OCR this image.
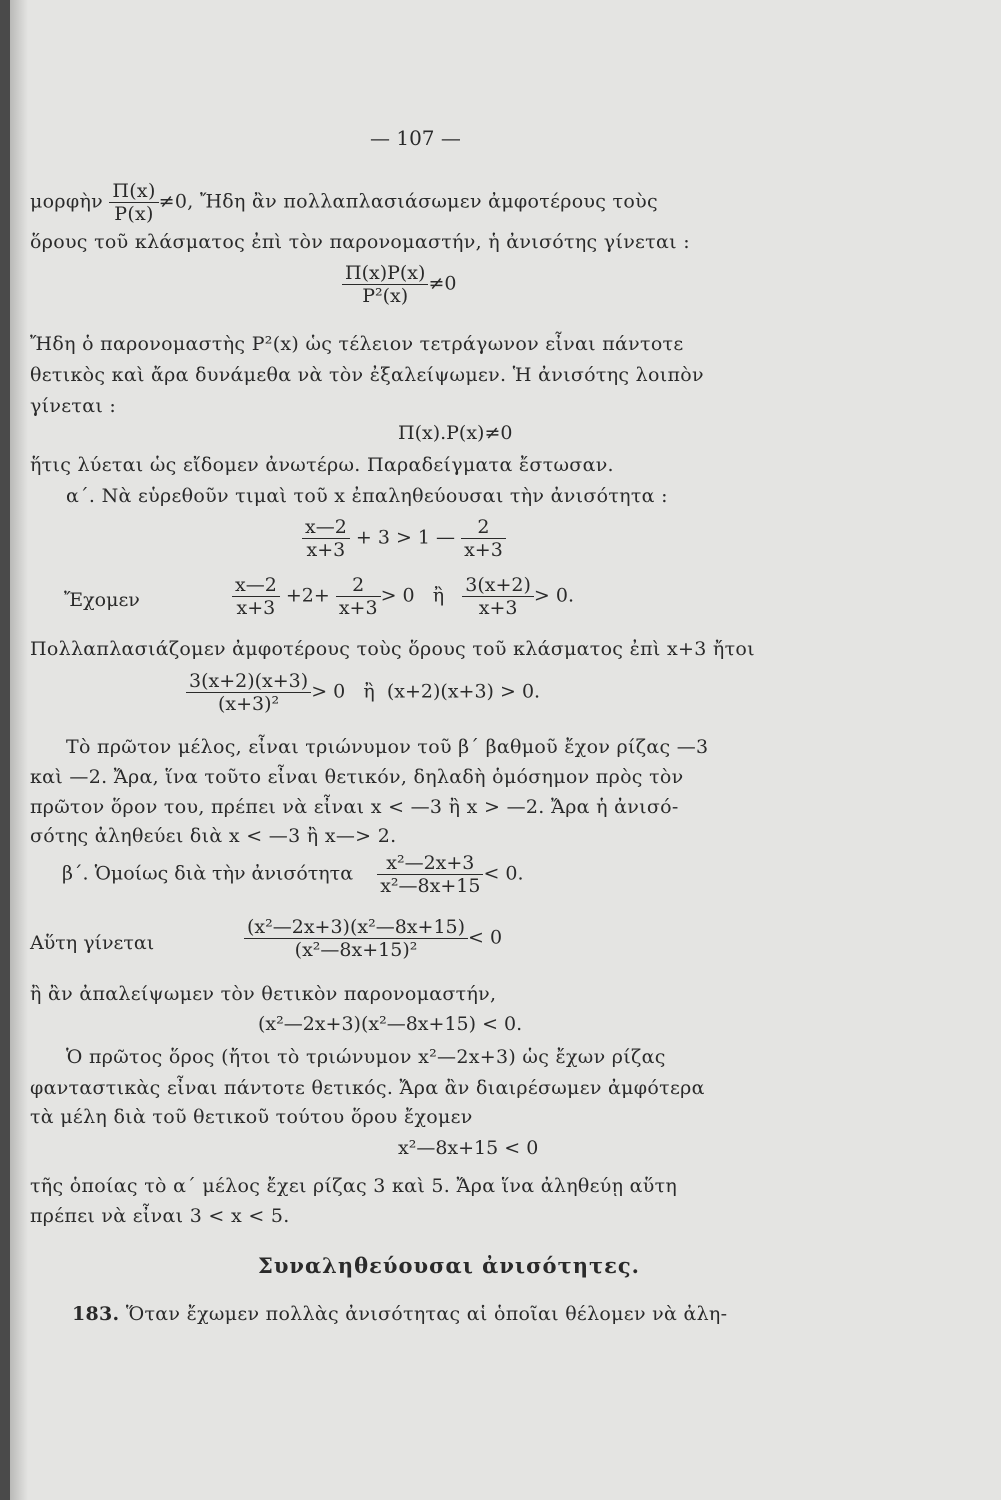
— 107 —
μορφὴν $\frac{\Pi(x)}{P(x)} \ne 0$, Ἤδη ἂν πολλαπλασιάσωμεν ἀμφοτέρους τοὺς
ὅρους τοῦ κλάσματος ἐπὶ τὸν παρονομαστήν, ἡ ἀνισότης γίνεται :
$\frac{\Pi(x)P(x)}{\text{P²(x)}} \ne 0$
Ἤδη ὁ παρονομαστὴς P²(x) ὡς τέλειον τετράγωνον εἶναι πάντοτε
θετικὸς καὶ ἄρα δυνάμεθα νὰ τὸν ἐξαλείψωμεν. Ἡ ἀνισότης λοιπὸν
γίνεται :
Π(x).P(x)≠0
ἥτις λύεται ὡς εἴδομεν ἀνωτέρω. Παραδείγματα ἔστωσαν.
α΄. Νὰ εὑρεθοῦν τιμαὶ τοῦ x ἐπαληθεύουσαι τὴν ἀνισότητα :
$\frac{x—2}{x+3} + 3 > 1$ — $\frac{2}{x+3}$
Ἔχομεν	$\frac{x—2}{x+3} +2+ \frac{2}{x+3} > 0$ ἢ $\frac{3(x+2)}{x+3} > 0$.
Πολλαπλασιάζομεν ἀμφοτέρους τοὺς ὅρους τοῦ κλάσματος ἐπὶ x+3 ἤτοι
$\frac{3(x+2)(x+3)}{\text{(x+3)²}} > 0$ ἢ (x+2)(x+3) > 0.
Τὸ πρῶτον μέλος, εἶναι τριώνυμον τοῦ β΄ βαθμοῦ ἔχον ρίζας —3
καὶ —2. Ἄρα, ἵνα τοῦτο εἶναι θετικόν, δηλαδὴ ὁμόσημον πρὸς τὸν
πρῶτον ὅρον του, πρέπει νὰ εἶναι x < —3 ἢ x > —2. Ἄρα ἡ ἀνισό-
σότης ἀληθεύει διὰ x < —3 ἢ x—> 2.
β΄. Ὁμοίως διὰ τὴν ἀνισότητα $\frac{\text{x²—2x+3}}{\text{x²—8x+15}} < 0$.
Αὕτη γίνεται	$\frac{\text{(x²—2x+3)(x²—8x+15)}}{\text{(x²—8x+15)²}} < 0$
ἢ ἂν ἀπαλείψωμεν τὸν θετικὸν παρονομαστήν,
(x²—2x+3)(x²—8x+15) < 0.
Ὁ πρῶτος ὅρος (ἤτοι τὸ τριώνυμον x²—2x+3) ὡς ἔχων ρίζας
φανταστικὰς εἶναι πάντοτε θετικός. Ἄρα ἂν διαιρέσωμεν ἀμφότερα
τὰ μέλη διὰ τοῦ θετικοῦ τούτου ὅρου ἔχομεν
x²—8x+15 < 0
τῆς ὁποίας τὸ α΄ μέλος ἔχει ρίζας 3 καὶ 5. Ἄρα ἵνα ἀληθεύῃ αὕτη
πρέπει νὰ εἶναι 3 < x < 5.
Συναληθεύουσαι ἀνισότητες.
183. Ὅταν ἔχωμεν πολλὰς ἀνισότητας αἱ ὁποῖαι θέλομεν νὰ ἀλη-
